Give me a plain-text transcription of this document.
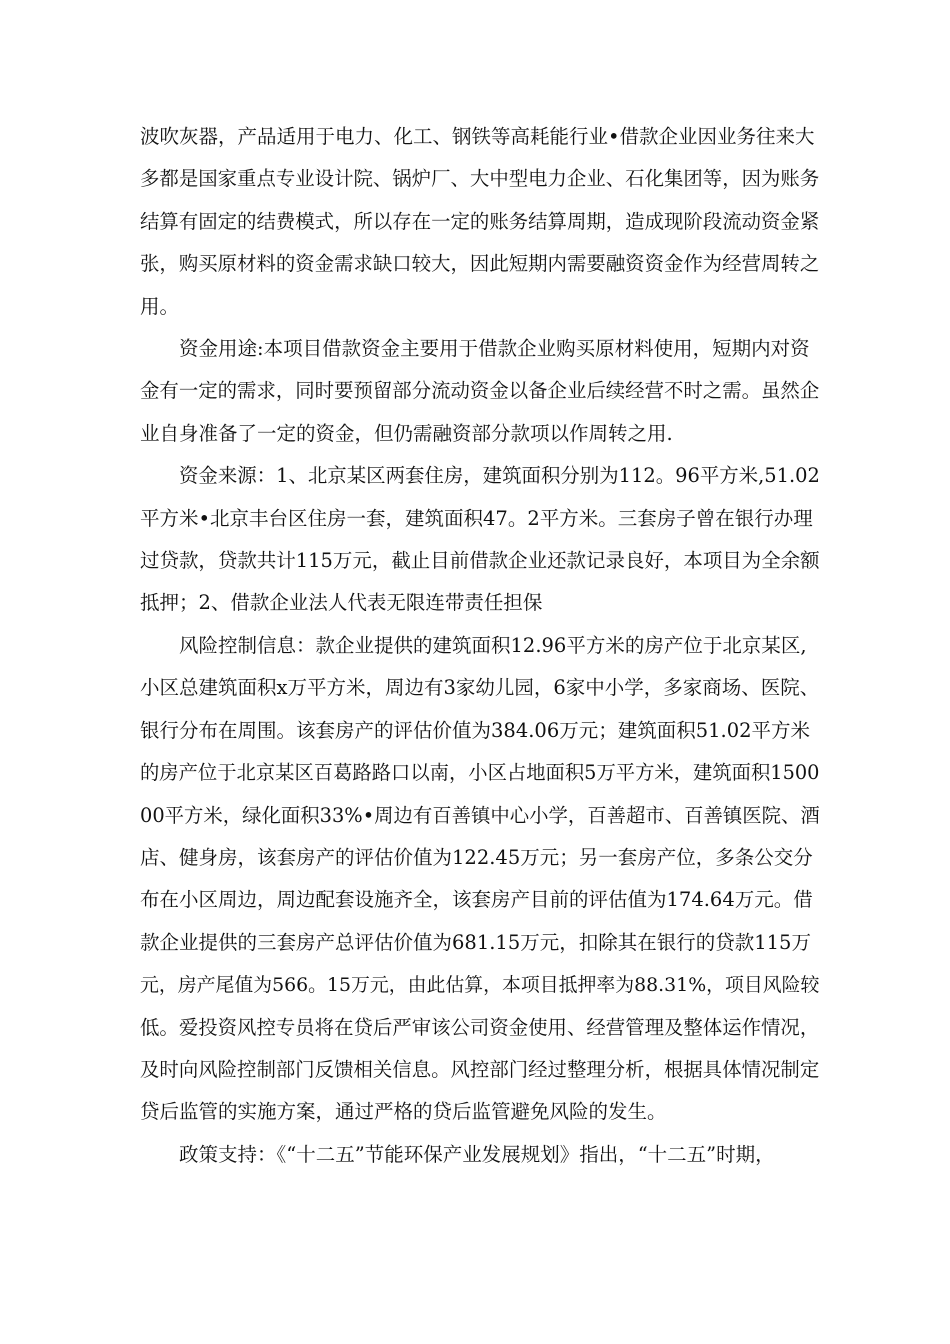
波吹灰器，产品适用于电力、化工、钢铁等高耗能行业•借款企业因业务往来大
多都是国家重点专业设计院、锅炉厂、大中型电力企业、石化集团等，因为账务
结算有固定的结费模式，所以存在一定的账务结算周期，造成现阶段流动资金紧
张，购买原材料的资金需求缺口较大，因此短期内需要融资资金作为经营周转之
用。
资金用途:本项目借款资金主要用于借款企业购买原材料使用，短期内对资
金有一定的需求，同时要预留部分流动资金以备企业后续经营不时之需。虽然企
业自身准备了一定的资金，但仍需融资部分款项以作周转之用.
资金来源：1、北京某区两套住房，建筑面积分别为112。96平方米,51.02
平方米•北京丰台区住房一套，建筑面积47。2平方米。三套房子曾在银行办理
过贷款，贷款共计115万元，截止目前借款企业还款记录良好，本项目为全余额
抵押；2、借款企业法人代表无限连带责任担保
风险控制信息：款企业提供的建筑面积12.96平方米的房产位于北京某区,
小区总建筑面积x万平方米，周边有3家幼儿园，6家中小学，多家商场、医院、
银行分布在周围。该套房产的评估价值为384.06万元；建筑面积51.02平方米
的房产位于北京某区百葛路路口以南，小区占地面积5万平方米，建筑面积1500
00平方米，绿化面积33%•周边有百善镇中心小学，百善超市、百善镇医院、酒
店、健身房，该套房产的评估价值为122.45万元；另一套房产位，多条公交分
布在小区周边，周边配套设施齐全，该套房产目前的评估值为174.64万元。借
款企业提供的三套房产总评估价值为681.15万元，扣除其在银行的贷款115万
元，房产尾值为566。15万元，由此估算，本项目抵押率为88.31%，项目风险较
低。爱投资风控专员将在贷后严审该公司资金使用、经营管理及整体运作情况，
及时向风险控制部门反馈相关信息。风控部门经过整理分析，根据具体情况制定
贷后监管的实施方案，通过严格的贷后监管避免风险的发生。
政策支持：《“十二五”节能环保产业发展规划》指出，“十二五”时期，
